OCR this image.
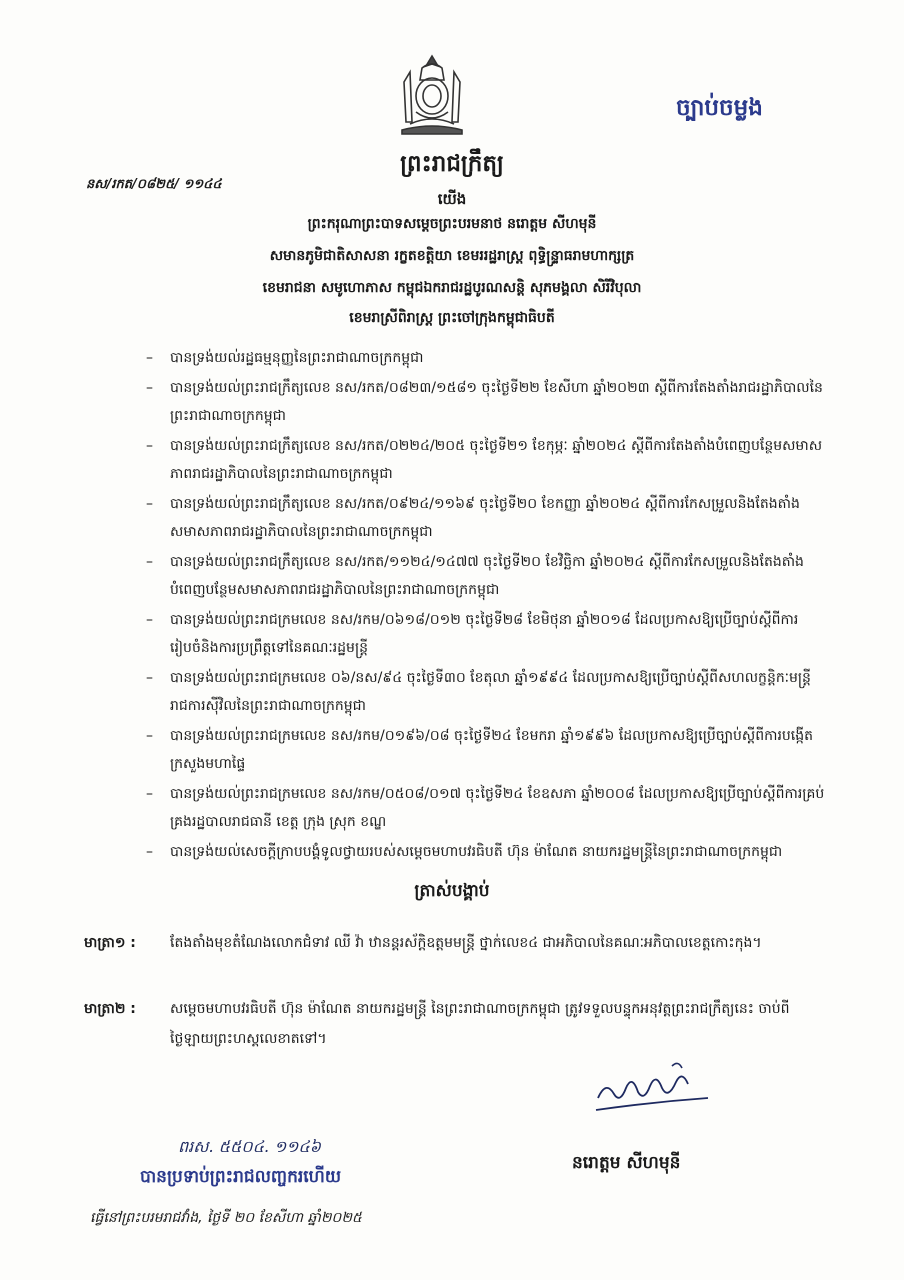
ច្បាប់ចម្លង
ព្រះរាជក្រឹត្យ
នស/រកត/០៨២៥/ ១១៤៤
យើង
ព្រះករុណាព្រះបាទសម្តេចព្រះបរមនាថ នរោត្តម សីហមុនី
សមានភូមិជាតិសាសនា រក្ខតខត្តិយា ខេមររដ្ឋរាស្ត្រ ពុទ្ធិន្ទ្រាធរាមហាក្សត្រ
ខេមរាជនា សមូហោភាស កម្ពុជឯករាជរដ្ឋបូរណសន្តិ សុភមង្គលា សិរីវិបុលា
ខេមរាស្រីពិរាស្ត្រ ព្រះចៅក្រុងកម្ពុជាធិបតី
– បានទ្រង់យល់រដ្ឋធម្មនុញ្ញនៃព្រះរាជាណាចក្រកម្ពុជា
– បានទ្រង់យល់ព្រះរាជក្រឹត្យលេខ នស/រកត/០៨២៣/១៥៨១ ចុះថ្ងៃទី២២ ខែសីហា ឆ្នាំ២០២៣ ស្តីពីការតែងតាំងរាជរដ្ឋាភិបាលនៃព្រះរាជាណាចក្រកម្ពុជា
– បានទ្រង់យល់ព្រះរាជក្រឹត្យលេខ នស/រកត/០២២៤/២០៥ ចុះថ្ងៃទី២១ ខែកុម្ភៈ ឆ្នាំ២០២៤ ស្តីពីការតែងតាំងបំពេញបន្ថែមសមាសភាពរាជរដ្ឋាភិបាលនៃព្រះរាជាណាចក្រកម្ពុជា
– បានទ្រង់យល់ព្រះរាជក្រឹត្យលេខ នស/រកត/០៩២៤/១១៦៩ ចុះថ្ងៃទី២០ ខែកញ្ញា ឆ្នាំ២០២៤ ស្តីពីការកែសម្រួលនិងតែងតាំងសមាសភាពរាជរដ្ឋាភិបាលនៃព្រះរាជាណាចក្រកម្ពុជា
– បានទ្រង់យល់ព្រះរាជក្រឹត្យលេខ នស/រកត/១១២៤/១៤៧៧ ចុះថ្ងៃទី២០ ខែវិច្ឆិកា ឆ្នាំ២០២៤ ស្តីពីការកែសម្រួលនិងតែងតាំងបំពេញបន្ថែមសមាសភាពរាជរដ្ឋាភិបាលនៃព្រះរាជាណាចក្រកម្ពុជា
– បានទ្រង់យល់ព្រះរាជក្រមលេខ នស/រកម/០៦១៨/០១២ ចុះថ្ងៃទី២៨ ខែមិថុនា ឆ្នាំ២០១៨ ដែលប្រកាសឱ្យប្រើច្បាប់ស្តីពីការរៀបចំនិងការប្រព្រឹត្តទៅនៃគណៈរដ្ឋមន្ត្រី
– បានទ្រង់យល់ព្រះរាជក្រមលេខ ០៦/នស/៩៤ ចុះថ្ងៃទី៣០ ខែតុលា ឆ្នាំ១៩៩៤ ដែលប្រកាសឱ្យប្រើច្បាប់ស្តីពីសហលក្ខន្តិកៈមន្ត្រីរាជការស៊ីវិលនៃព្រះរាជាណាចក្រកម្ពុជា
– បានទ្រង់យល់ព្រះរាជក្រមលេខ នស/រកម/០១៩៦/០៨ ចុះថ្ងៃទី២៤ ខែមករា ឆ្នាំ១៩៩៦ ដែលប្រកាសឱ្យប្រើច្បាប់ស្តីពីការបង្កើតក្រសួងមហាផ្ទៃ
– បានទ្រង់យល់ព្រះរាជក្រមលេខ នស/រកម/០៥០៨/០១៧ ចុះថ្ងៃទី២៤ ខែឧសភា ឆ្នាំ២០០៨ ដែលប្រកាសឱ្យប្រើច្បាប់ស្តីពីការគ្រប់គ្រងរដ្ឋបាលរាជធានី ខេត្ត ក្រុង ស្រុក ខណ្ឌ
– បានទ្រង់យល់សេចក្តីក្រាបបង្គំទូលថ្វាយរបស់សម្តេចមហាបវរធិបតី ហ៊ុន ម៉ាណែត នាយករដ្ឋមន្ត្រីនៃព្រះរាជាណាចក្រកម្ពុជា
ត្រាស់បង្គាប់
មាត្រា១ : តែងតាំងមុខតំណែងលោកជំទាវ ឈី វ៉ា ឋានន្តរស័ក្តិឧត្តមមន្ត្រី ថ្នាក់លេខ៤ ជាអភិបាលនៃគណៈអភិបាលខេត្តកោះកុង។
មាត្រា២ : សម្តេចមហាបវរធិបតី ហ៊ុន ម៉ាណែត នាយករដ្ឋមន្ត្រី នៃព្រះរាជាណាចក្រកម្ពុជា ត្រូវទទួលបន្ទុកអនុវត្តព្រះរាជក្រឹត្យនេះ ចាប់ពីថ្ងៃឡាយព្រះហស្តលេខាតទៅ។
នរោត្តម សីហមុនី
ពរស. ៥៥០៤. ១១៤៦
បានប្រទាប់ព្រះរាជលញ្ចករហើយ
ធ្វើនៅព្រះបរមរាជវាំង, ថ្ងៃទី ២០ ខែសីហា ឆ្នាំ២០២៥
